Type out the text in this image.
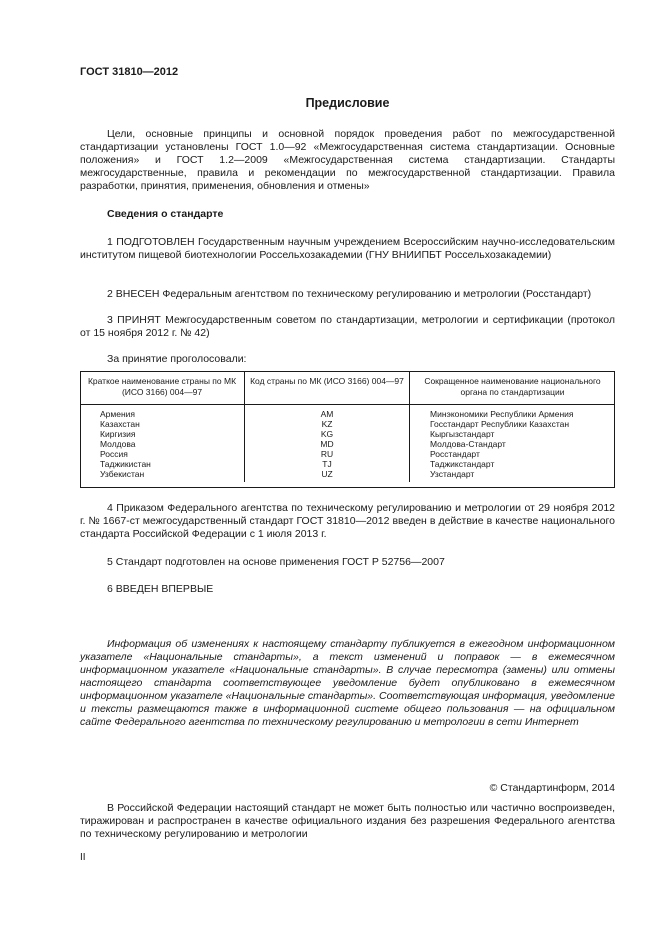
ГОСТ 31810—2012
Предисловие

Цели, основные принципы и основной порядок проведения работ по межгосударственной стандартизации установлены ГОСТ 1.0—92 «Межгосударственная система стандартизации. Основные положения» и ГОСТ 1.2—2009 «Межгосударственная система стандартизации. Стандарты межгосударственные, правила и рекомендации по межгосударственной стандартизации. Правила разработки, принятия, применения, обновления и отмены»

Сведения о стандарте

1 ПОДГОТОВЛЕН Государственным научным учреждением Всероссийским научно-исследовательским институтом пищевой биотехнологии Россельхозакадемии (ГНУ ВНИИПБТ Россельхозакадемии)

2 ВНЕСЕН Федеральным агентством по техническому регулированию и метрологии (Росстандарт)

3 ПРИНЯТ Межгосударственным советом по стандартизации, метрологии и сертификации (протокол от 15 ноября 2012 г. № 42)

За принятие проголосовали:
Краткое наименование страны по МК (ИСО 3166) 004—97	Код страны по МК (ИСО 3166) 004—97	Сокращенное наименование национального органа по стандартизации
Армения	AM	Минэкономики Республики Армения
Казахстан	KZ	Госстандарт Республики Казахстан
Киргизия	KG	Кыргызстандарт
Молдова	MD	Молдова-Стандарт
Россия	RU	Росстандарт
Таджикистан	TJ	Таджикстандарт
Узбекистан	UZ	Узстандарт

4 Приказом Федерального агентства по техническому регулированию и метрологии от 29 ноября 2012 г. № 1667-ст межгосударственный стандарт ГОСТ 31810—2012 введен в действие в качестве национального стандарта Российской Федерации с 1 июля 2013 г.

5 Стандарт подготовлен на основе применения ГОСТ Р 52756—2007

6 ВВЕДЕН ВПЕРВЫЕ

Информация об изменениях к настоящему стандарту публикуется в ежегодном информационном указателе «Национальные стандарты», а текст изменений и поправок — в ежемесячном информационном указателе «Национальные стандарты». В случае пересмотра (замены) или отмены настоящего стандарта соответствующее уведомление будет опубликовано в ежемесячном информационном указателе «Национальные стандарты». Соответствующая информация, уведомление и тексты размещаются также в информационной системе общего пользования — на официальном сайте Федерального агентства по техническому регулированию и метрологии в сети Интернет

© Стандартинформ, 2014

В Российской Федерации настоящий стандарт не может быть полностью или частично воспроизведен, тиражирован и распространен в качестве официального издания без разрешения Федерального агентства по техническому регулированию и метрологии

II
